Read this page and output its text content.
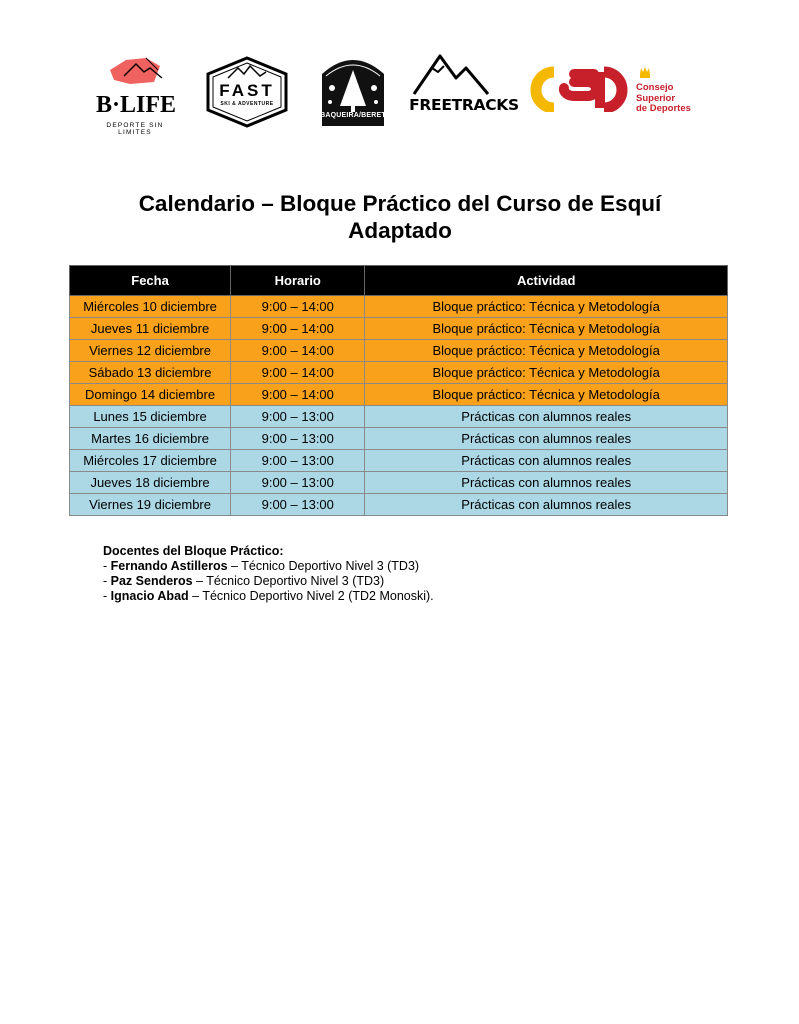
B·LIFE
DEPORTE SIN LIMITES
FAST
SKI & ADVENTURE
BAQUEIRA/BERET
FREETRACKS
Consejo
Superior
de Deportes
Calendario – Bloque Práctico del Curso de Esquí
Adaptado
Fecha	Horario	Actividad
Miércoles 10 diciembre	9:00 – 14:00	Bloque práctico: Técnica y Metodología
Jueves 11 diciembre	9:00 – 14:00	Bloque práctico: Técnica y Metodología
Viernes 12 diciembre	9:00 – 14:00	Bloque práctico: Técnica y Metodología
Sábado 13 diciembre	9:00 – 14:00	Bloque práctico: Técnica y Metodología
Domingo 14 diciembre	9:00 – 14:00	Bloque práctico: Técnica y Metodología
Lunes 15 diciembre	9:00 – 13:00	Prácticas con alumnos reales
Martes 16 diciembre	9:00 – 13:00	Prácticas con alumnos reales
Miércoles 17 diciembre	9:00 – 13:00	Prácticas con alumnos reales
Jueves 18 diciembre	9:00 – 13:00	Prácticas con alumnos reales
Viernes 19 diciembre	9:00 – 13:00	Prácticas con alumnos reales
Docentes del Bloque Práctico:
- Fernando Astilleros – Técnico Deportivo Nivel 3 (TD3)
- Paz Senderos – Técnico Deportivo Nivel 3 (TD3)
- Ignacio Abad – Técnico Deportivo Nivel 2 (TD2 Monoski).
